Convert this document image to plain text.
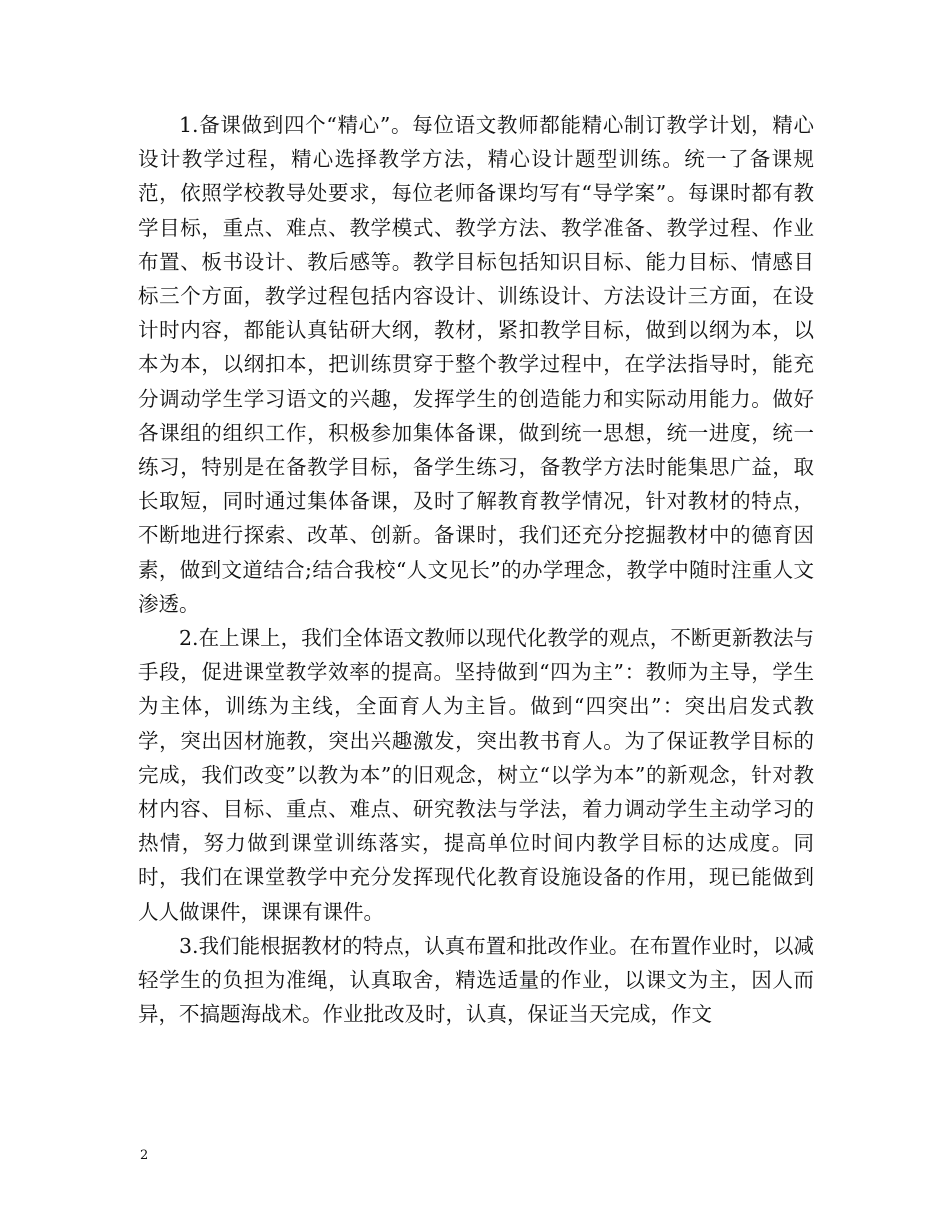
1.备课做到四个“精心”。每位语文教师都能精心制订教学计划，精心设计教学过程，精心选择教学方法，精心设计题型训练。统一了备课规范，依照学校教导处要求，每位老师备课均写有“导学案”。每课时都有教学目标，重点、难点、教学模式、教学方法、教学准备、教学过程、作业布置、板书设计、教后感等。教学目标包括知识目标、能力目标、情感目标三个方面，教学过程包括内容设计、训练设计、方法设计三方面，在设计时内容，都能认真钻研大纲，教材，紧扣教学目标，做到以纲为本，以本为本，以纲扣本，把训练贯穿于整个教学过程中，在学法指导时，能充分调动学生学习语文的兴趣，发挥学生的创造能力和实际动用能力。做好各课组的组织工作，积极参加集体备课，做到统一思想，统一进度，统一练习，特别是在备教学目标，备学生练习，备教学方法时能集思广益，取长取短，同时通过集体备课，及时了解教育教学情况，针对教材的特点，不断地进行探索、改革、创新。备课时，我们还充分挖掘教材中的德育因素，做到文道结合;结合我校“人文见长”的办学理念，教学中随时注重人文渗透。

2.在上课上，我们全体语文教师以现代化教学的观点，不断更新教法与手段，促进课堂教学效率的提高。坚持做到“四为主”：教师为主导，学生为主体，训练为主线，全面育人为主旨。做到“四突出”：突出启发式教学，突出因材施教，突出兴趣激发，突出教书育人。为了保证教学目标的完成，我们改变”以教为本”的旧观念，树立“以学为本”的新观念，针对教材内容、目标、重点、难点、研究教法与学法，着力调动学生主动学习的热情，努力做到课堂训练落实，提高单位时间内教学目标的达成度。同时，我们在课堂教学中充分发挥现代化教育设施设备的作用，现已能做到人人做课件，课课有课件。

3.我们能根据教材的特点，认真布置和批改作业。在布置作业时，以减轻学生的负担为准绳，认真取舍，精选适量的作业，以课文为主，因人而异，不搞题海战术。作业批改及时，认真，保证当天完成，作文

2
